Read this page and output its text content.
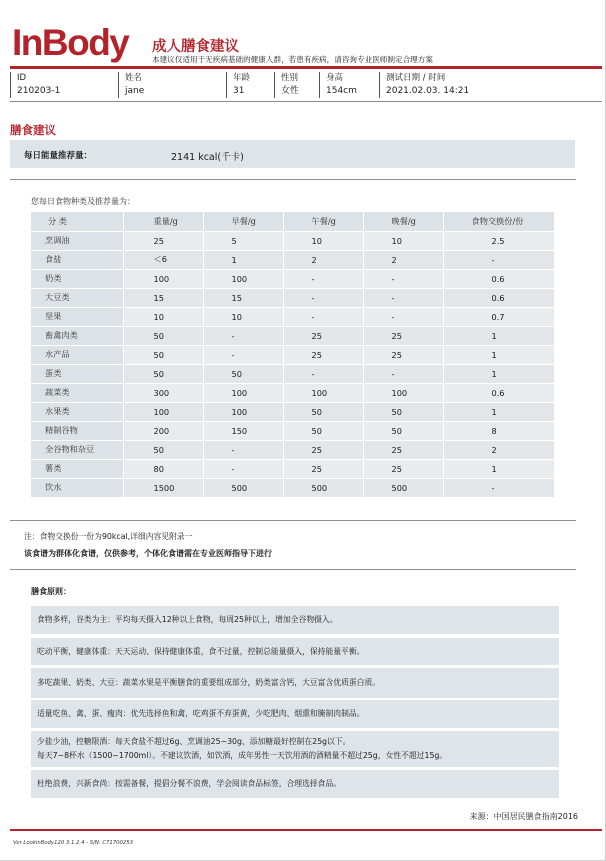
InBody 成人膳食建议
本建议仅适用于无疾病基础的健康人群，若患有疾病，请咨询专业医师制定合理方案
ID
210203-1
姓名
jane
年龄
31
性别
女性
身高
154cm
测试日期 / 时间
2021.02.03. 14:21
膳食建议
每日能量推荐量：	2141 kcal(千卡)
您每日食物种类及推荐量为：
分 类	重量/g	早餐/g	午餐/g	晚餐/g	食物交换份/份
烹调油	25	5	10	10	2.5
食盐	＜6	1	2	2	-
奶类	100	100	-	-	0.6
大豆类	15	15	-	-	0.6
坚果	10	10	-	-	0.7
畜禽肉类	50	-	25	25	1
水产品	50	-	25	25	1
蛋类	50	50	-	-	1
蔬菜类	300	100	100	100	0.6
水果类	100	100	50	50	1
精制谷物	200	150	50	50	8
全谷物和杂豆	50	-	25	25	2
薯类	80	-	25	25	1
饮水	1500	500	500	500	-
注：食物交换份一份为90kcal,详细内容见附录一
该食谱为群体化食谱，仅供参考，个体化食谱需在专业医师指导下进行
膳食原则：
食物多样，谷类为主：平均每天摄入12种以上食物，每周25种以上，增加全谷物摄入。
吃动平衡，健康体重：天天运动、保持健康体重，食不过量，控制总能量摄入，保持能量平衡。
多吃蔬果、奶类、大豆：蔬菜水果是平衡膳食的重要组成部分，奶类富含钙，大豆富含优质蛋白质。
适量吃鱼、禽、蛋、瘦肉：优先选择鱼和禽，吃鸡蛋不弃蛋黄，少吃肥肉、烟熏和腌制肉制品。
少盐少油，控糖限酒：每天食盐不超过6g、烹调油25~30g、添加糖最好控制在25g以下。
每天7~8杯水（1500~1700ml）。不建议饮酒，如饮酒，成年男性一天饮用酒的酒精量不超过25g，女性不超过15g。
杜绝浪费，兴新食尚：按需备餐，提倡分餐不浪费，学会阅读食品标签，合理选择食品。
来源：中国居民膳食指南2016
Ver LookinBody120 3.1.2.4 - S/N: C71700253
